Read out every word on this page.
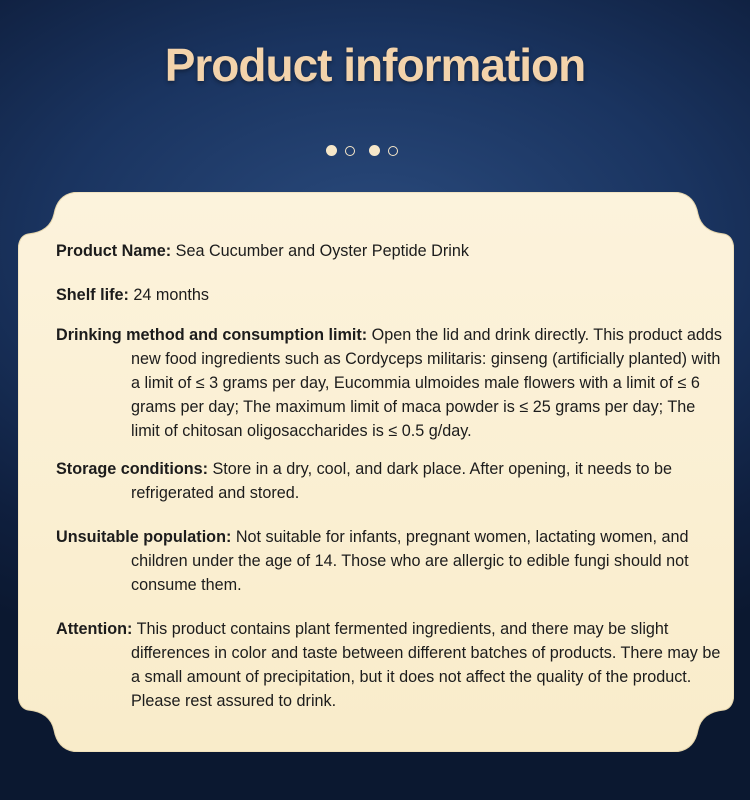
Product information

Product Name: Sea Cucumber and Oyster Peptide Drink

Shelf life: 24 months

Drinking method and consumption limit: Open the lid and drink directly. This product adds new food ingredients such as Cordyceps militaris: ginseng (artificially planted) with a limit of ≤ 3 grams per day, Eucommia ulmoides male flowers with a limit of ≤ 6 grams per day; The maximum limit of maca powder is ≤ 25 grams per day; The limit of chitosan oligosaccharides is ≤ 0.5 g/day.

Storage conditions: Store in a dry, cool, and dark place. After opening, it needs to be refrigerated and stored.

Unsuitable population: Not suitable for infants, pregnant women, lactating women, and children under the age of 14. Those who are allergic to edible fungi should not consume them.

Attention: This product contains plant fermented ingredients, and there may be slight differences in color and taste between different batches of products. There may be a small amount of precipitation, but it does not affect the quality of the product. Please rest assured to drink.
